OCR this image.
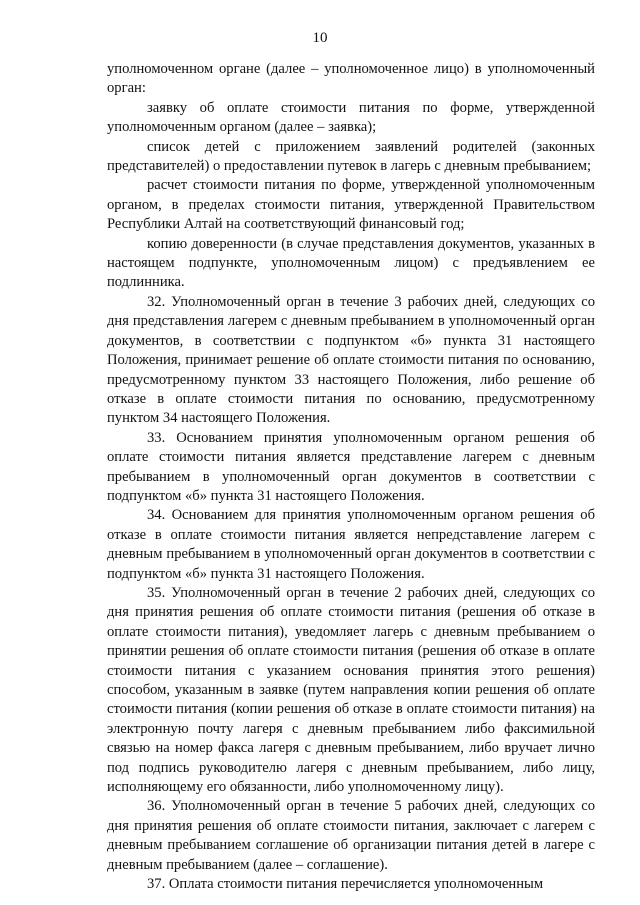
10

уполномоченном органе (далее – уполномоченное лицо) в уполномоченный орган:

заявку об оплате стоимости питания по форме, утвержденной уполномоченным органом (далее – заявка);

список детей с приложением заявлений родителей (законных представителей) о предоставлении путевок в лагерь с дневным пребыванием;

расчет стоимости питания по форме, утвержденной уполномоченным органом, в пределах стоимости питания, утвержденной Правительством Республики Алтай на соответствующий финансовый год;

копию доверенности (в случае представления документов, указанных в настоящем подпункте, уполномоченным лицом) с предъявлением ее подлинника.

32. Уполномоченный орган в течение 3 рабочих дней, следующих со дня представления лагерем с дневным пребыванием в уполномоченный орган документов, в соответствии с подпунктом «б» пункта 31 настоящего Положения, принимает решение об оплате стоимости питания по основанию, предусмотренному пунктом 33 настоящего Положения, либо решение об отказе в оплате стоимости питания по основанию, предусмотренному пунктом 34 настоящего Положения.

33. Основанием принятия уполномоченным органом решения об оплате стоимости питания является представление лагерем с дневным пребыванием в уполномоченный орган документов в соответствии с подпунктом «б» пункта 31 настоящего Положения.

34. Основанием для принятия уполномоченным органом решения об отказе в оплате стоимости питания является непредставление лагерем с дневным пребыванием в уполномоченный орган документов в соответствии с подпунктом «б» пункта 31 настоящего Положения.

35. Уполномоченный орган в течение 2 рабочих дней, следующих со дня принятия решения об оплате стоимости питания (решения об отказе в оплате стоимости питания), уведомляет лагерь с дневным пребыванием о принятии решения об оплате стоимости питания (решения об отказе в оплате стоимости питания с указанием основания принятия этого решения) способом, указанным в заявке (путем направления копии решения об оплате стоимости питания (копии решения об отказе в оплате стоимости питания) на электронную почту лагеря с дневным пребыванием либо факсимильной связью на номер факса лагеря с дневным пребыванием, либо вручает лично под подпись руководителю лагеря с дневным пребыванием, либо лицу, исполняющему его обязанности, либо уполномоченному лицу).

36. Уполномоченный орган в течение 5 рабочих дней, следующих со дня принятия решения об оплате стоимости питания, заключает с лагерем с дневным пребыванием соглашение об организации питания детей в лагере с дневным пребыванием (далее – соглашение).

37. Оплата стоимости питания перечисляется уполномоченным
